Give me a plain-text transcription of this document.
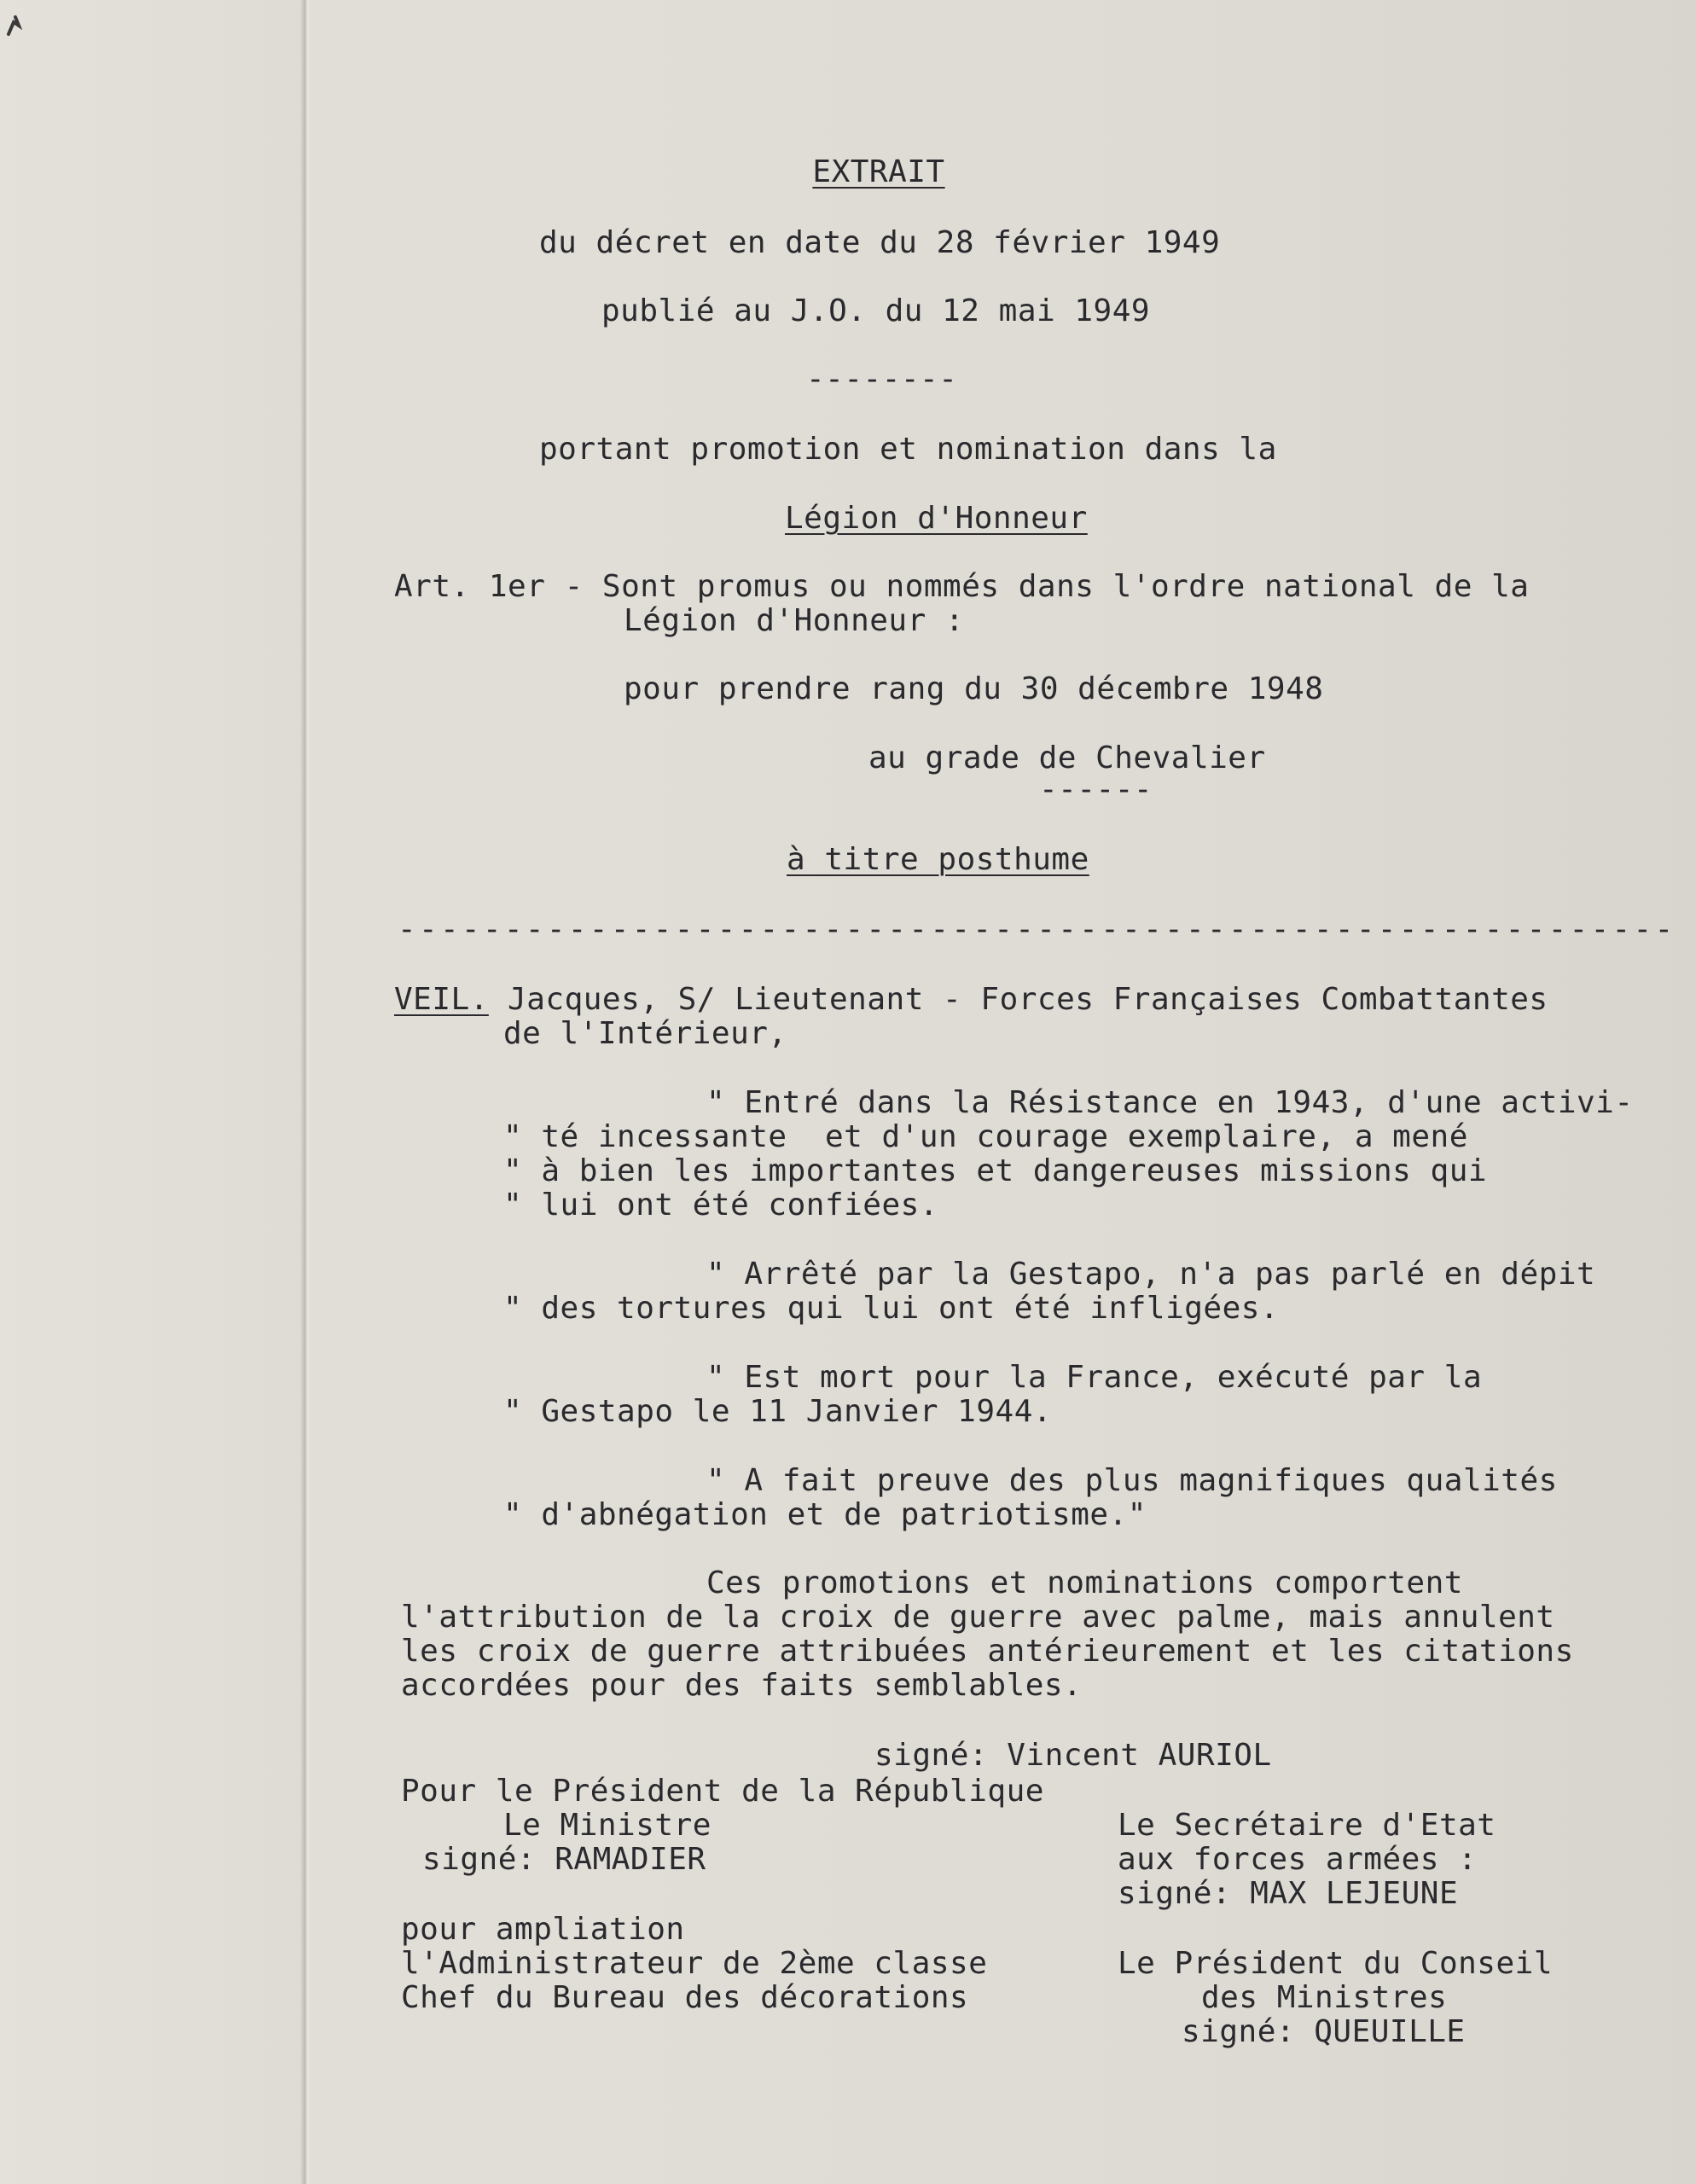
EXTRAIT
du décret en date du 28 février 1949
publié au J.O. du 12 mai 1949
--------
portant promotion et nomination dans la
Légion d'Honneur
Art. 1er - Sont promus ou nommés dans l'ordre national de la
Légion d'Honneur :
pour prendre rang du 30 décembre 1948
au grade de Chevalier
------
à titre posthume
------------------------------------------------------------
VEIL. Jacques, S/ Lieutenant - Forces Françaises Combattantes
de l'Intérieur,
" Entré dans la Résistance en 1943, d'une activi-
" té incessante  et d'un courage exemplaire, a mené
" à bien les importantes et dangereuses missions qui
" lui ont été confiées.
" Arrêté par la Gestapo, n'a pas parlé en dépit
" des tortures qui lui ont été infligées.
" Est mort pour la France, exécuté par la
" Gestapo le 11 Janvier 1944.
" A fait preuve des plus magnifiques qualités
" d'abnégation et de patriotisme."
Ces promotions et nominations comportent
l'attribution de la croix de guerre avec palme, mais annulent
les croix de guerre attribuées antérieurement et les citations
accordées pour des faits semblables.
signé: Vincent AURIOL
Pour le Président de la République
Le Ministre
signé: RAMADIER
Le Secrétaire d'Etat
aux forces armées :
signé: MAX LEJEUNE
pour ampliation
l'Administrateur de 2ème classe
Chef du Bureau des décorations
Le Président du Conseil
des Ministres
signé: QUEUILLE
